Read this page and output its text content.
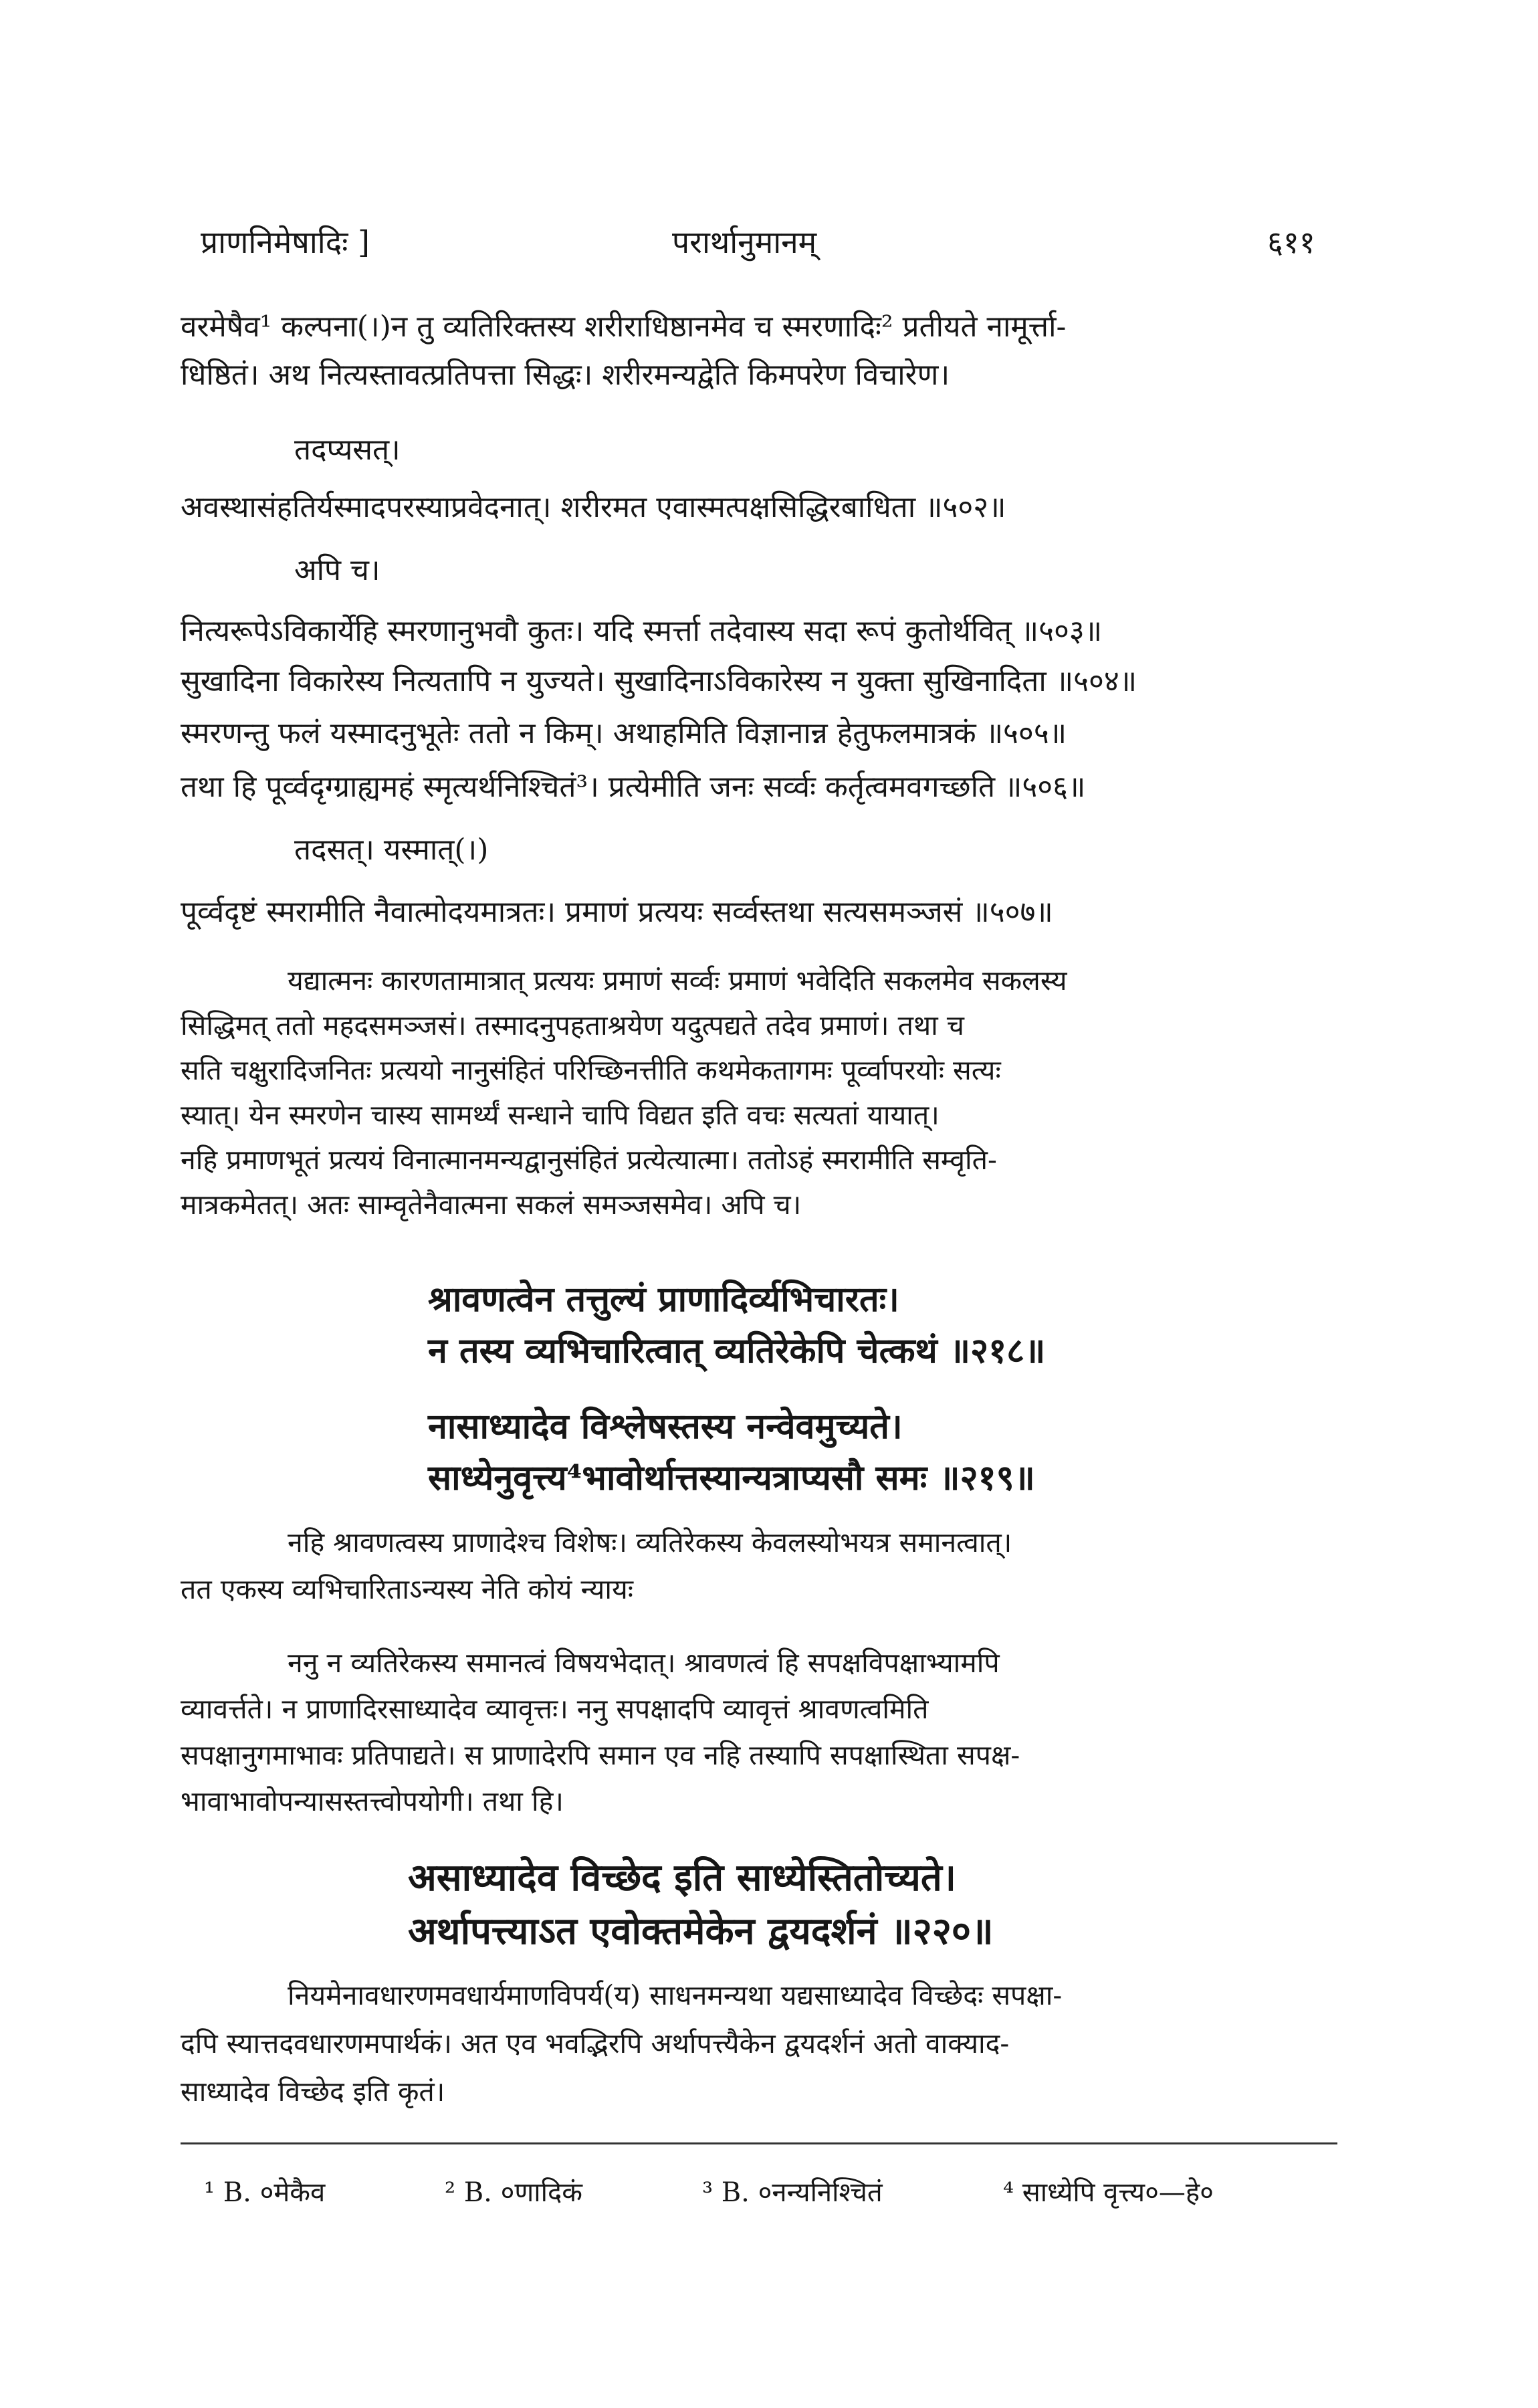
प्राणनिमेषादिः ]	परार्थानुमानम्	६११
वरमेषैव¹ कल्पना(।)न तु व्यतिरिक्तस्य शरीराधिष्ठानमेव च स्मरणादिः² प्रतीयते नामूर्त्ता-
धिष्ठितं। अथ नित्यस्तावत्प्रतिपत्ता सिद्धः। शरीरमन्यद्वेति किमपरेण विचारेण।
तदप्यसत्।
अवस्थासंहतिर्यस्मादपरस्याप्रवेदनात्। शरीरमत एवास्मत्पक्षसिद्धिरबाधिता ॥५०२॥
अपि च।
नित्यरूपेऽविकार्येहि स्मरणानुभवौ कुतः। यदि स्मर्त्ता तदेवास्य सदा रूपं कुतोर्थवित् ॥५०३॥
सुखादिना विकारेस्य नित्यतापि न युज्यते। सुखादिनाऽविकारेस्य न युक्ता सुखिनादिता ॥५०४॥
स्मरणन्तु फलं यस्मादनुभूतेः ततो न किम्। अथाहमिति विज्ञानान्न हेतुफलमात्रकं ॥५०५॥
तथा हि पूर्व्वदृग्ग्राह्यमहं स्मृत्यर्थनिश्चितं³। प्रत्येमीति जनः सर्व्वः कर्तृत्वमवगच्छति ॥५०६॥
तदसत्। यस्मात्(।)
पूर्व्वदृष्टं स्मरामीति नैवात्मोदयमात्रतः। प्रमाणं प्रत्ययः सर्व्वस्तथा सत्यसमञ्जसं ॥५०७॥
यद्यात्मनः कारणतामात्रात् प्रत्ययः प्रमाणं सर्व्वः प्रमाणं भवेदिति सकलमेव सकलस्य
सिद्धिमत् ततो महदसमञ्जसं। तस्मादनुपहताश्रयेण यदुत्पद्यते तदेव प्रमाणं। तथा च
सति चक्षुरादिजनितः प्रत्ययो नानुसंहितं परिच्छिनत्तीति कथमेकतागमः पूर्व्वापरयोः सत्यः
स्यात्। येन स्मरणेन चास्य सामर्थ्यं सन्धाने चापि विद्यत इति वचः सत्यतां यायात्।
नहि प्रमाणभूतं प्रत्ययं विनात्मानमन्यद्वानुसंहितं प्रत्येत्यात्मा। ततोऽहं स्मरामीति सम्वृति-
मात्रकमेतत्। अतः साम्वृतेनैवात्मना सकलं समञ्जसमेव। अपि च।
श्रावणत्वेन तत्तुल्यं प्राणादिर्व्यभिचारतः।
न तस्य व्यभिचारित्वात् व्यतिरेकेपि चेत्कथं ॥२१८॥
नासाध्यादेव विश्लेषस्तस्य नन्वेवमुच्यते।
साध्येनुवृत्त्य⁴भावोर्थात्तस्यान्यत्राप्यसौ समः ॥२१९॥
नहि श्रावणत्वस्य प्राणादेश्च विशेषः। व्यतिरेकस्य केवलस्योभयत्र समानत्वात्।
तत एकस्य व्यभिचारिताऽन्यस्य नेति कोयं न्यायः
ननु न व्यतिरेकस्य समानत्वं विषयभेदात्। श्रावणत्वं हि सपक्षविपक्षाभ्यामपि
व्यावर्त्तते। न प्राणादिरसाध्यादेव व्यावृत्तः। ननु सपक्षादपि व्यावृत्तं श्रावणत्वमिति
सपक्षानुगमाभावः प्रतिपाद्यते। स प्राणादेरपि समान एव नहि तस्यापि सपक्षास्थिता सपक्ष-
भावाभावोपन्यासस्तत्त्वोपयोगी। तथा हि।
असाध्यादेव विच्छेद इति साध्येस्तितोच्यते।
अर्थापत्त्याऽत एवोक्तमेकेन द्वयदर्शनं ॥२२०॥
नियमेनावधारणमवधार्यमाणविपर्य(य) साधनमन्यथा यद्यसाध्यादेव विच्छेदः सपक्षा-
दपि स्यात्तदवधारणमपार्थकं। अत एव भवद्भिरपि अर्थापत्त्यैकेन द्वयदर्शनं अतो वाक्याद-
साध्यादेव विच्छेद इति कृतं।
¹ B. ०मेकैव	² B. ०णादिकं	³ B. ०नन्यनिश्चितं	⁴ साध्येपि वृत्त्य०—हे०
